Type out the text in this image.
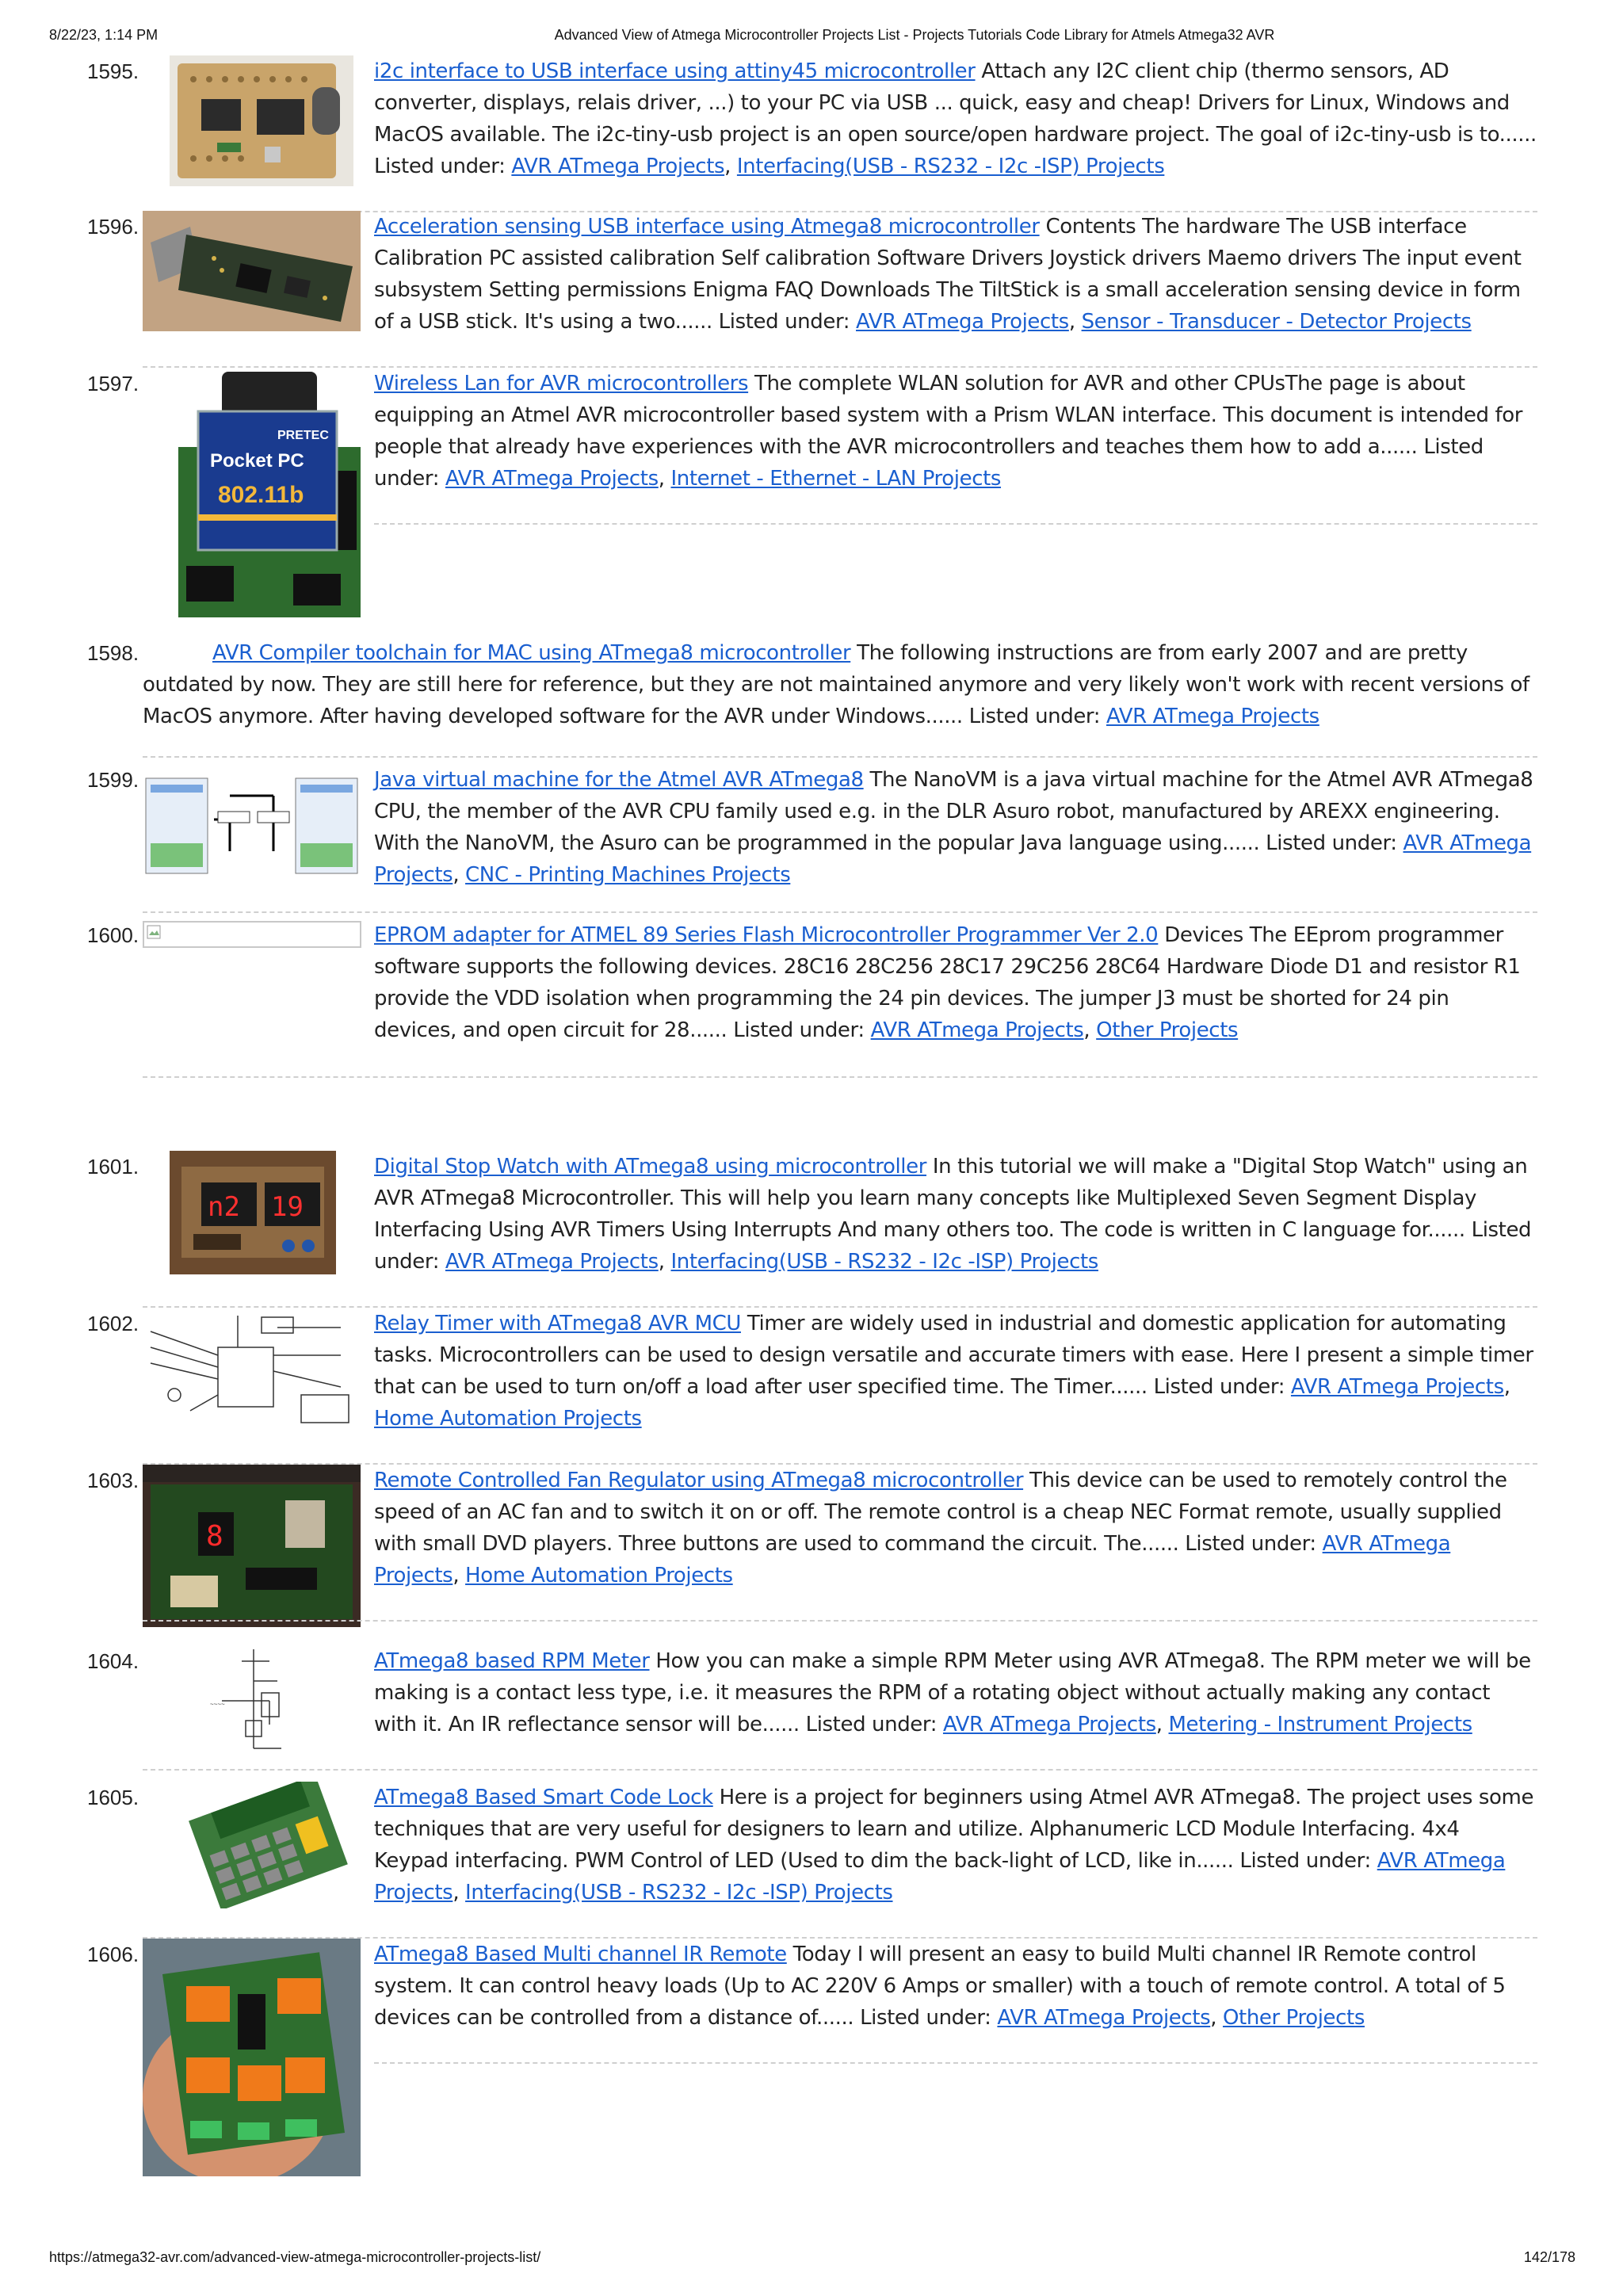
8/22/23, 1:14 PM	Advanced View of Atmega Microcontroller Projects List - Projects Tutorials Code Library for Atmels Atmega32 AVR
1595.	i2c interface to USB interface using attiny45 microcontroller Attach any I2C client chip (thermo sensors, AD converter, displays, relais driver, ...) to your PC via USB ... quick, easy and cheap! Drivers for Linux, Windows and MacOS available. The i2c-tiny-usb project is an open source/open hardware project. The goal of i2c-tiny-usb is to...... Listed under: AVR ATmega Projects, Interfacing(USB - RS232 - I2c -ISP) Projects
1596.	Acceleration sensing USB interface using Atmega8 microcontroller Contents The hardware The USB interface Calibration PC assisted calibration Self calibration Software Drivers Joystick drivers Maemo drivers The input event subsystem Setting permissions Enigma FAQ Downloads The TiltStick is a small acceleration sensing device in form of a USB stick. It's using a two...... Listed under: AVR ATmega Projects, Sensor - Transducer - Detector Projects
1597.
PRETEC
Pocket PC
802.11b
Wireless Lan for AVR microcontrollers The complete WLAN solution for AVR and other CPUsThe page is about equipping an Atmel AVR microcontroller based system with a Prism WLAN interface. This document is intended for people that already have experiences with the AVR microcontrollers and teaches them how to add a...... Listed under: AVR ATmega Projects, Internet - Ethernet - LAN Projects
1598.	AVR Compiler toolchain for MAC using ATmega8 microcontroller The following instructions are from early 2007 and are pretty outdated by now. They are still here for reference, but they are not maintained anymore and very likely won't work with recent versions of MacOS anymore. After having developed software for the AVR under Windows...... Listed under: AVR ATmega Projects
1599.	Java virtual machine for the Atmel AVR ATmega8 The NanoVM is a java virtual machine for the Atmel AVR ATmega8 CPU, the member of the AVR CPU family used e.g. in the DLR Asuro robot, manufactured by AREXX engineering. With the NanoVM, the Asuro can be programmed in the popular Java language using...... Listed under: AVR ATmega Projects, CNC - Printing Machines Projects
1600.	EPROM adapter for ATMEL 89 Series Flash Microcontroller Programmer Ver 2.0 Devices The EEprom programmer software supports the following devices. 28C16 28C256 28C17 29C256 28C64 Hardware Diode D1 and resistor R1 provide the VDD isolation when programming the 24 pin devices. The jumper J3 must be shorted for 24 pin devices, and open circuit for 28...... Listed under: AVR ATmega Projects, Other Projects
1601.
n2 19
Digital Stop Watch with ATmega8 using microcontroller In this tutorial we will make a "Digital Stop Watch" using an AVR ATmega8 Microcontroller. This will help you learn many concepts like Multiplexed Seven Segment Display Interfacing Using AVR Timers Using Interrupts And many others too. The code is written in C language for...... Listed under: AVR ATmega Projects, Interfacing(USB - RS232 - I2c -ISP) Projects
1602.	Relay Timer with ATmega8 AVR MCU Timer are widely used in industrial and domestic application for automating tasks. Microcontrollers can be used to design versatile and accurate timers with ease. Here I present a simple timer that can be used to turn on/off a load after user specified time. The Timer...... Listed under: AVR ATmega Projects, Home Automation Projects
1603.
8
Remote Controlled Fan Regulator using ATmega8 microcontroller This device can be used to remotely control the speed of an AC fan and to switch it on or off. The remote control is a cheap NEC Format remote, usually supplied with small DVD players. Three buttons are used to command the circuit. The...... Listed under: AVR ATmega Projects, Home Automation Projects
1604.
~~~~
ATmega8 based RPM Meter How you can make a simple RPM Meter using AVR ATmega8. The RPM meter we will be making is a contact less type, i.e. it measures the RPM of a rotating object without actually making any contact with it. An IR reflectance sensor will be...... Listed under: AVR ATmega Projects, Metering - Instrument Projects
1605.	ATmega8 Based Smart Code Lock Here is a project for beginners using Atmel AVR ATmega8. The project uses some techniques that are very useful for designers to learn and utilize. Alphanumeric LCD Module Interfacing. 4x4 Keypad interfacing. PWM Control of LED (Used to dim the back-light of LCD, like in...... Listed under: AVR ATmega Projects, Interfacing(USB - RS232 - I2c -ISP) Projects
1606.	ATmega8 Based Multi channel IR Remote Today I will present an easy to build Multi channel IR Remote control system. It can control heavy loads (Up to AC 220V 6 Amps or smaller) with a touch of remote control. A total of 5 devices can be controlled from a distance of...... Listed under: AVR ATmega Projects, Other Projects
https://atmega32-avr.com/advanced-view-atmega-microcontroller-projects-list/	142/178
